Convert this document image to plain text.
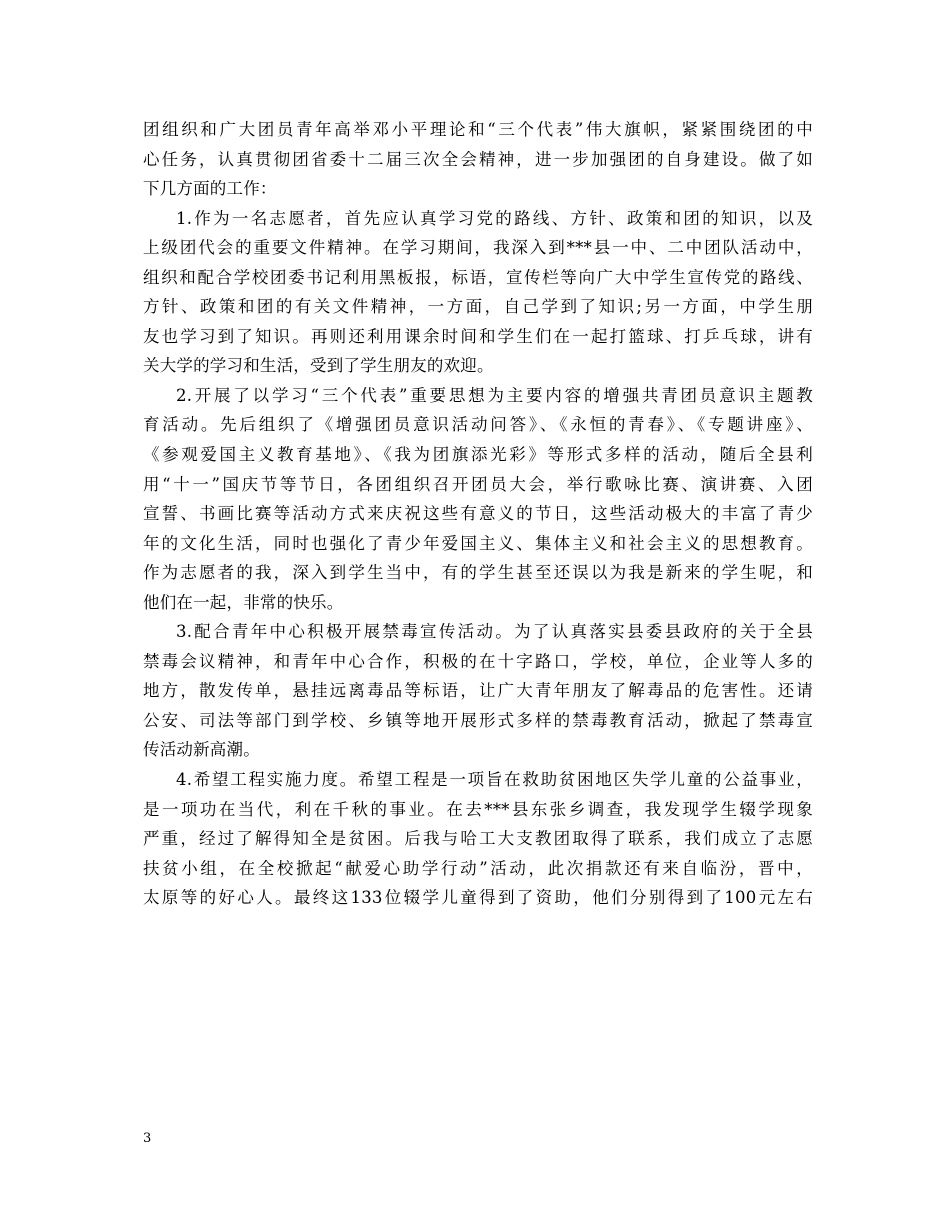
团组织和广大团员青年高举邓小平理论和“三个代表”伟大旗帜，紧紧围绕团的中
心任务，认真贯彻团省委十二届三次全会精神，进一步加强团的自身建设。做了如
下几方面的工作：
1.作为一名志愿者，首先应认真学习党的路线、方针、政策和团的知识，以及
上级团代会的重要文件精神。在学习期间，我深入到***县一中、二中团队活动中，
组织和配合学校团委书记利用黑板报，标语，宣传栏等向广大中学生宣传党的路线、
方针、政策和团的有关文件精神，一方面，自己学到了知识;另一方面，中学生朋
友也学习到了知识。再则还利用课余时间和学生们在一起打篮球、打乒乓球，讲有
关大学的学习和生活，受到了学生朋友的欢迎。
2.开展了以学习“三个代表”重要思想为主要内容的增强共青团员意识主题教
育活动。先后组织了《增强团员意识活动问答》、《永恒的青春》、《专题讲座》、
《参观爱国主义教育基地》、《我为团旗添光彩》等形式多样的活动，随后全县利
用“十一”国庆节等节日，各团组织召开团员大会，举行歌咏比赛、演讲赛、入团
宣誓、书画比赛等活动方式来庆祝这些有意义的节日，这些活动极大的丰富了青少
年的文化生活，同时也强化了青少年爱国主义、集体主义和社会主义的思想教育。
作为志愿者的我，深入到学生当中，有的学生甚至还误以为我是新来的学生呢，和
他们在一起，非常的快乐。
3.配合青年中心积极开展禁毒宣传活动。为了认真落实县委县政府的关于全县
禁毒会议精神，和青年中心合作，积极的在十字路口，学校，单位，企业等人多的
地方，散发传单，悬挂远离毒品等标语，让广大青年朋友了解毒品的危害性。还请
公安、司法等部门到学校、乡镇等地开展形式多样的禁毒教育活动，掀起了禁毒宣
传活动新高潮。
4.希望工程实施力度。希望工程是一项旨在救助贫困地区失学儿童的公益事业，
是一项功在当代，利在千秋的事业。在去***县东张乡调查，我发现学生辍学现象
严重，经过了解得知全是贫困。后我与哈工大支教团取得了联系，我们成立了志愿
扶贫小组，在全校掀起“献爱心助学行动”活动，此次捐款还有来自临汾，晋中，
太原等的好心人。最终这133位辍学儿童得到了资助，他们分别得到了100元左右
3
